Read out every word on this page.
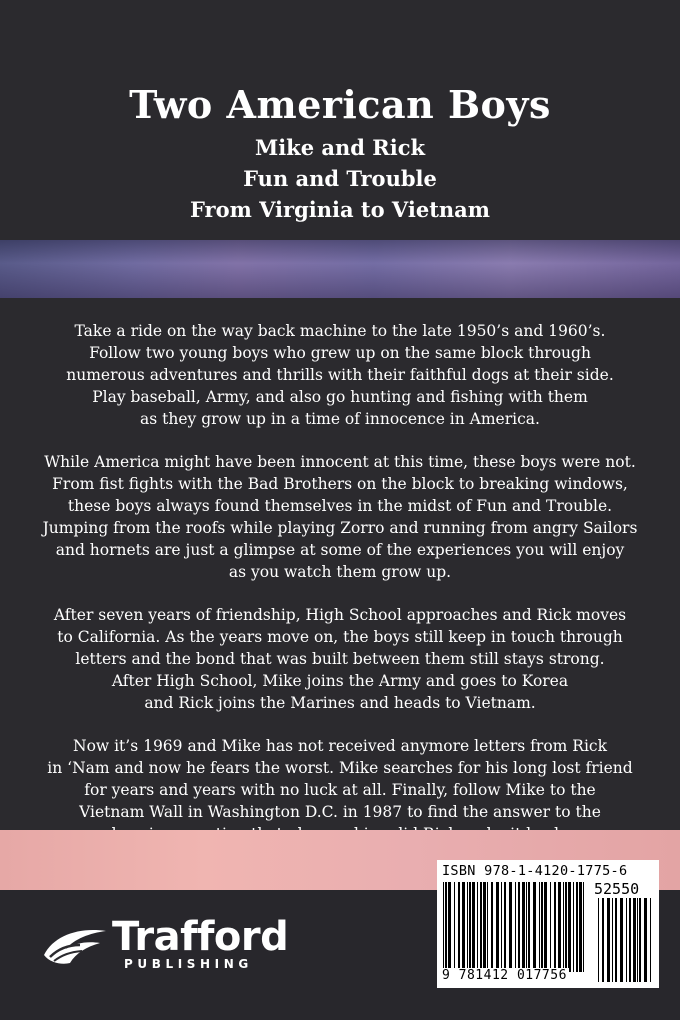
Two American Boys
Mike and Rick
Fun and Trouble
From Virginia to Vietnam

Take a ride on the way back machine to the late 1950’s and 1960’s.
Follow two young boys who grew up on the same block through
numerous adventures and thrills with their faithful dogs at their side.
Play baseball, Army, and also go hunting and fishing with them
as they grow up in a time of innocence in America.

While America might have been innocent at this time, these boys were not.
From fist fights with the Bad Brothers on the block to breaking windows,
these boys always found themselves in the midst of Fun and Trouble.
Jumping from the roofs while playing Zorro and running from angry Sailors
and hornets are just a glimpse at some of the experiences you will enjoy
as you watch them grow up.

After seven years of friendship, High School approaches and Rick moves
to California. As the years move on, the boys still keep in touch through
letters and the bond that was built between them still stays strong.
After High School, Mike joins the Army and goes to Korea
and Rick joins the Marines and heads to Vietnam.

Now it’s 1969 and Mike has not received anymore letters from Rick
in ‘Nam and now he fears the worst. Mike searches for his long lost friend
for years and years with no luck at all. Finally, follow Mike to the
Vietnam Wall in Washington D.C. in 1987 to find the answer to the

Trafford
PUBLISHING
ISBN 978-1-4120-1775-6
52550
9 781412 017756
